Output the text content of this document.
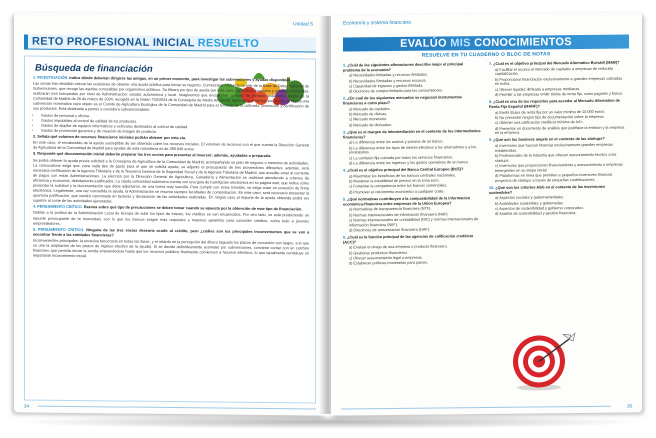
Unidad 5
RETO PROFESIONAL INICIAL RESUELTO
Búsqueda de financiación

1. INVESTIGACIÓN. Indica dónde deberían dirigirse las amigas, en un primer momento, para investigar las subvenciones y ayudas disponibles.

Las socias han decidido valorar las ocasiones de obtener una ayuda pública para iniciar su negocio. Comenzarán visitando la web de la Base de Datos Nacional de Subvenciones, que recoge las ayudas concedidas por organismos públicos. Se filtrará por tipo de ayuda (en este caso, agricultura ecológica y comercio minorista); realizarán tres búsquedas por nivel de Administración: estatal, autonómica y local. Imaginemos que encuentran, a modo de ejemplo, esta rama: Ayuda de la Comunidad de Madrid de 26 de marzo de 2024, recogida en la Orden 750/2024 de la Consejería de Medio Ambiente, Agricultura e Interior, por la que se regula una subvención nominativa cuyo objeto es el Comité de Agricultura Ecológica de la Comunidad de Madrid para el fomento de lo cultivado, promoción y certificación de sus productos. Está destinada a pymes y considera subvencionables:

• Gastos de personal y oficina.
• Gastos imputables al control de calidad de los productos.
• Gastos de alquiler de equipos informáticos y vehículos destinados al control de calidad.
• Gastos de promoción genérica y de creación de imagen de producto.

2. Señala qué volumen de recursos financieros iniciales podrán obtener por esta vía.

En este caso, el encabezado de la ayuda susceptible de ser obtenida cubre los recursos iniciales. El volumen de recursos con el que cuenta la Dirección General de Agricultura de la Comunidad de Madrid para ayudas de esta naturaleza es de 289.640 euros.

3. Responde qué documentación inicial deberán preparar las tres socias para presentar al inversor; además, ayudadas a prepararla.

Se podrá obtener la ayuda previa solicitud a la Consejería de Agricultura de la Comunidad de Madrid, acompañando un plan de negocio o memoria de actividades. La convocatoria exige que, para cada tipo de gasto para el que se solicita ayuda, se adjunte el presupuesto de tres proveedores diferentes; además, será necesaria certificación de la Agencia Tributaria y de la Tesorería General de la Seguridad Social y de la Agencia Tributaria de Madrid, que acredite estar al corriente de pagos con estas Administraciones. La elección por la Dirección General de Agricultura, Ganadería y Alimentación se realizará atendiendo a criterios de eficiencia y economía, debidamente justificados. La citada comunidad autónoma cuenta con una guía de tramitación electrónica en su página web, que indica cómo presentar la solicitud y la documentación que debe adjuntarse, de una forma muy sencilla. Para cumplir con estos trámites, se exige estar en posesión de firma electrónica. Legalmente, una vez concedida la ayuda, la Administración se reserva siempre facultades de comprobación. En este caso, será necesario presentar la oportuna justificación, que vendrá concretada en facturas y declaración de las actividades realizadas. En ningún caso el importe de la ayuda obtenida podrá ser superior al coste de las actividades ejecutadas.

4. PENSAMIENTO CRÍTICO. Razona sobre qué tipo de precauciones se deben tomar cuando se apuesta por la obtención de este tipo de financiación.

Debido a la política de la Administración Local de Europa de subir los tipos de interés, los créditos se ven encarecidos. Por otro lado, se está produciendo un repunte preocupante de la morosidad, con lo que los bancos exigen más requisitos y mayores garantías para conceder créditos, sobre todo a jóvenes emprendedores.

5. PENSAMIENTO CRÍTICO. Ninguna de las tres socias desearía acudir al crédito, pero ¿cuáles son los principales inconvenientes que se van a encontrar frente a las entidades financieras?

Inconvenientes principales: la excesiva burocracia en todas las fases, y el retardo en la percepción del dinero (aguado los plazos de concesión son largos, a lo que se une la ampliación de los plazos de ingreso efectivo de la ayuda). Si se decide definitivamente acometer por subvenciones, conviene contar con un colchón financiero que permita iniciar la senda emprendedora hasta que los recursos públicos finalmente comiencen a hacerse efectivos, lo que igualmente constituye un importante inconveniente inicial.

34
Economía y sistema financiero
EVALÚO MIS CONOCIMIENTOS
RESUELVE EN TU CUADERNO O BLOC DE NOTAS
1. ¿Cuál de las siguientes afirmaciones describe mejor el principal problema de la economía?
a) Necesidades limitadas y recursos ilimitados.
b) Necesidades ilimitadas y recursos escasos.
c) Capacidad de ingresos y gastos ilimitada.
d) Opciones de compra limitada para los consumidores.
2. ¿En cuál de los siguientes mercados se negocian instrumentos financieros a corto plazo?
a) Mercado de capitales.
b) Mercado de divisas.
c) Mercado monetario.
d) Mercado de derivados.
3. ¿Qué es el margen de intermediación en el contexto de los intermediarios financieros?
a) La diferencia entre los activos y pasivos de un banco.
b) La diferencia entre los tipos de interés efectivos a los ahorradores y a los prestatarios.
c) La comisión fija cobrada por todos los servicios financieros.
d) La diferencia entre los ingresos y los gastos operativos de un banco.
4. ¿Cuál es el objetivo principal del Banco Central Europeo (BCE)?
a) Maximizar los beneficios de los bancos centrales nacionales.
b) Mantener la estabilidad de precios en la zona euro.
c) Fomentar la competencia entre los bancos comerciales.
d) Promover el crecimiento económico a cualquier coste.
5. ¿Qué normativas contribuyen a la comparabilidad de la información económico-financiera entre empresas de la Unión Europea?
a) Normativas de transparencia financiera (NTF).
b) Normas internacionales de información financiera (NIIF).
c) Normas internacionales de contabilidad (NIC) y normas internacionales de información financiera (NIIF).
d) Directrices de armonización financiera (DAF).
6. ¿Cuál es la función principal de las agencias de calificación crediticia (ACC)?
a) Evaluar el riesgo de una empresa o producto financiero.
b) Gestionar productos financieros.
c) Ofrecer asesoramiento legal a empresas.
d) Establecer políticas monetarias para países.
7. ¿Cuál es el objetivo principal del Mercado Alternativo Bursátil (MAB)?
a) Facilitar el acceso al mercado de capitales a empresas de reducida capitalización.
b) Proporcionar financiación exclusivamente a grandes empresas cotizadas en bolsa.
c) Ofrecer liquidez ilimitada a empresas medianas.
d) Permitir a las empresas emitir títulos de renta fija, como pagarés y bonos.
8. ¿Cuál es uno de los requisitos para acceder al Mercado Alternativo de Renta Fija Español (MARF)?
a) Emitir títulos de renta fija por un valor mínimo de 10.000 euros.
b) No presentar ningún tipo de documentación sobre la empresa.
c) Obtener una calificación crediticia mínima de AA+.
d) Presentar un documento de análisis que justifique la emisión y la empresa en la empresa.
9. ¿Qué son los business angels en el contexto de las startups?
a) Inversores que buscan financiar exclusivamente grandes empresas establecidas.
b) Profesionales de la industria que ofrecen asesoramiento técnico a las startups.
c) Inversores que proporcionan financiamiento y asesoramiento a empresas emergentes en su etapa inicial.
d) Plataformas en línea que permiten a pequeños inversores financiar proyectos de startups a través de pequeñas contribuciones.
10. ¿Qué son los criterios ASG en el contexto de las inversiones sostenibles?
a) Aspectos sociales y gubernamentales.
b) Actividades sostenibles y gobernadas.
c) Aspectos de sostenibilidad y gobierno corporativo.
d) Análisis de sostenibilidad y gestión financiera.
35
